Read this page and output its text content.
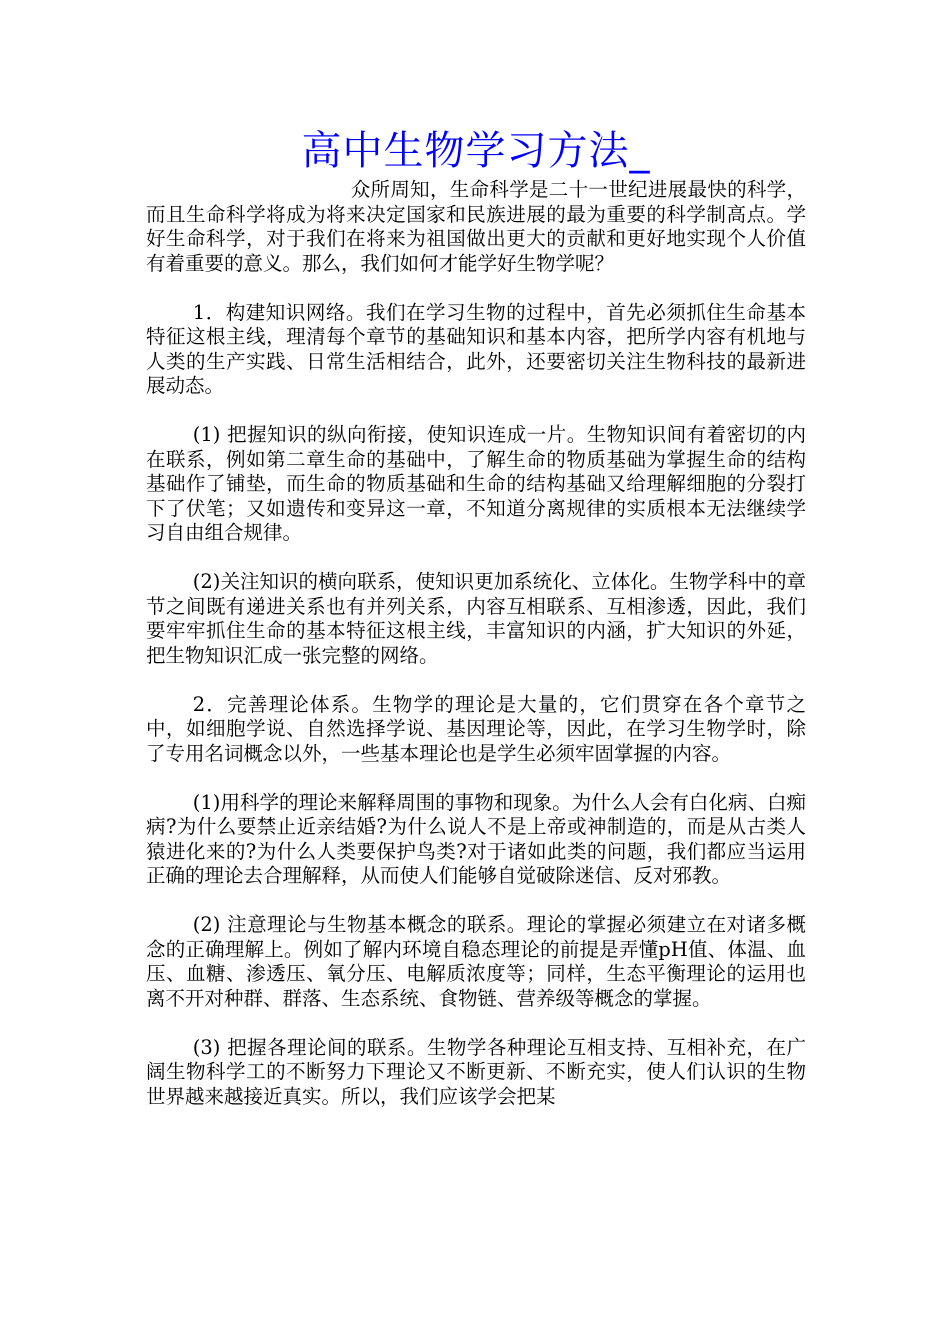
高中生物学习方法_

众所周知，生命科学是二十一世纪进展最快的科学，而且生命科学将成为将来决定国家和民族进展的最为重要的科学制高点。学好生命科学，对于我们在将来为祖国做出更大的贡献和更好地实现个人价值有着重要的意义。那么，我们如何才能学好生物学呢？

1．构建知识网络。我们在学习生物的过程中，首先必须抓住生命基本特征这根主线，理清每个章节的基础知识和基本内容，把所学内容有机地与人类的生产实践、日常生活相结合，此外，还要密切关注生物科技的最新进展动态。

(1) 把握知识的纵向衔接，使知识连成一片。生物知识间有着密切的内在联系，例如第二章生命的基础中，了解生命的物质基础为掌握生命的结构基础作了铺垫，而生命的物质基础和生命的结构基础又给理解细胞的分裂打下了伏笔；又如遗传和变异这一章，不知道分离规律的实质根本无法继续学习自由组合规律。

(2)关注知识的横向联系，使知识更加系统化、立体化。生物学科中的章节之间既有递进关系也有并列关系，内容互相联系、互相渗透，因此，我们要牢牢抓住生命的基本特征这根主线，丰富知识的内涵，扩大知识的外延，把生物知识汇成一张完整的网络。

2．完善理论体系。生物学的理论是大量的，它们贯穿在各个章节之中，如细胞学说、自然选择学说、基因理论等，因此，在学习生物学时，除了专用名词概念以外，一些基本理论也是学生必须牢固掌握的内容。

(1)用科学的理论来解释周围的事物和现象。为什么人会有白化病、白痴病?为什么要禁止近亲结婚?为什么说人不是上帝或神制造的，而是从古类人猿进化来的?为什么人类要保护鸟类?对于诸如此类的问题，我们都应当运用正确的理论去合理解释，从而使人们能够自觉破除迷信、反对邪教。

(2) 注意理论与生物基本概念的联系。理论的掌握必须建立在对诸多概念的正确理解上。例如了解内环境自稳态理论的前提是弄懂pH值、体温、血压、血糖、渗透压、氧分压、电解质浓度等；同样，生态平衡理论的运用也离不开对种群、群落、生态系统、食物链、营养级等概念的掌握。

(3) 把握各理论间的联系。生物学各种理论互相支持、互相补充，在广阔生物科学工的不断努力下理论又不断更新、不断充实，使人们认识的生物世界越来越接近真实。所以，我们应该学会把某
